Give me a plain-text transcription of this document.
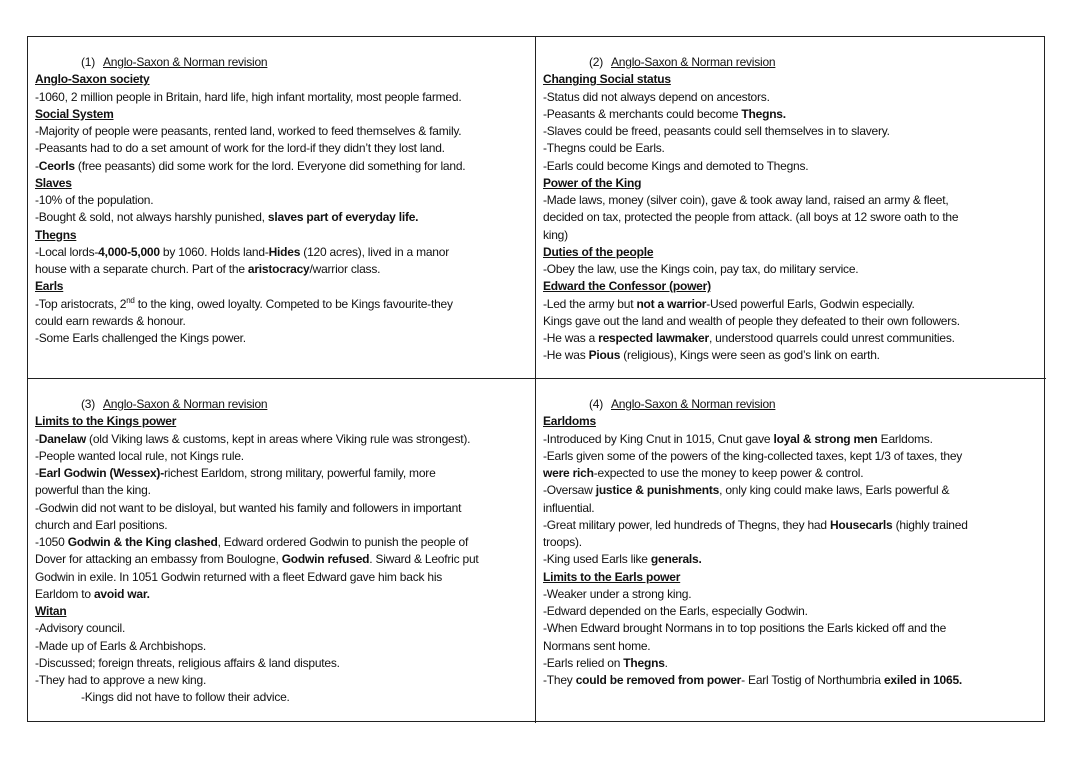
(1) Anglo-Saxon & Norman revision
Anglo-Saxon society
-1060, 2 million people in Britain, hard life, high infant mortality, most people farmed.
Social System
-Majority of people were peasants, rented land, worked to feed themselves & family.
-Peasants had to do a set amount of work for the lord-if they didn’t they lost land.
-Ceorls (free peasants) did some work for the lord. Everyone did something for land.
Slaves
-10% of the population.
-Bought & sold, not always harshly punished, slaves part of everyday life.
Thegns
-Local lords-4,000-5,000 by 1060. Holds land-Hides (120 acres), lived in a manor
house with a separate church. Part of the aristocracy/warrior class.
Earls
-Top aristocrats, 2nd to the king, owed loyalty. Competed to be Kings favourite-they
could earn rewards & honour.
-Some Earls challenged the Kings power.
(2) Anglo-Saxon & Norman revision
Changing Social status
-Status did not always depend on ancestors.
-Peasants & merchants could become Thegns.
-Slaves could be freed, peasants could sell themselves in to slavery.
-Thegns could be Earls.
-Earls could become Kings and demoted to Thegns.
Power of the King
-Made laws, money (silver coin), gave & took away land, raised an army & fleet,
decided on tax, protected the people from attack. (all boys at 12 swore oath to the
king)
Duties of the people
-Obey the law, use the Kings coin, pay tax, do military service.
Edward the Confessor (power)
-Led the army but not a warrior-Used powerful Earls, Godwin especially.
Kings gave out the land and wealth of people they defeated to their own followers.
-He was a respected lawmaker, understood quarrels could unrest communities.
-He was Pious (religious), Kings were seen as god’s link on earth.
(3) Anglo-Saxon & Norman revision
Limits to the Kings power
-Danelaw (old Viking laws & customs, kept in areas where Viking rule was strongest).
-People wanted local rule, not Kings rule.
-Earl Godwin (Wessex)-richest Earldom, strong military, powerful family, more
powerful than the king.
-Godwin did not want to be disloyal, but wanted his family and followers in important
church and Earl positions.
-1050 Godwin & the King clashed, Edward ordered Godwin to punish the people of
Dover for attacking an embassy from Boulogne, Godwin refused. Siward & Leofric put
Godwin in exile. In 1051 Godwin returned with a fleet Edward gave him back his
Earldom to avoid war.
Witan
-Advisory council.
-Made up of Earls & Archbishops.
-Discussed; foreign threats, religious affairs & land disputes.
-They had to approve a new king.
-Kings did not have to follow their advice.
(4) Anglo-Saxon & Norman revision
Earldoms
-Introduced by King Cnut in 1015, Cnut gave loyal & strong men Earldoms.
-Earls given some of the powers of the king-collected taxes, kept 1/3 of taxes, they
were rich-expected to use the money to keep power & control.
-Oversaw justice & punishments, only king could make laws, Earls powerful &
influential.
-Great military power, led hundreds of Thegns, they had Housecarls (highly trained
troops).
-King used Earls like generals.
Limits to the Earls power
-Weaker under a strong king.
-Edward depended on the Earls, especially Godwin.
-When Edward brought Normans in to top positions the Earls kicked off and the
Normans sent home.
-Earls relied on Thegns.
-They could be removed from power- Earl Tostig of Northumbria exiled in 1065.
